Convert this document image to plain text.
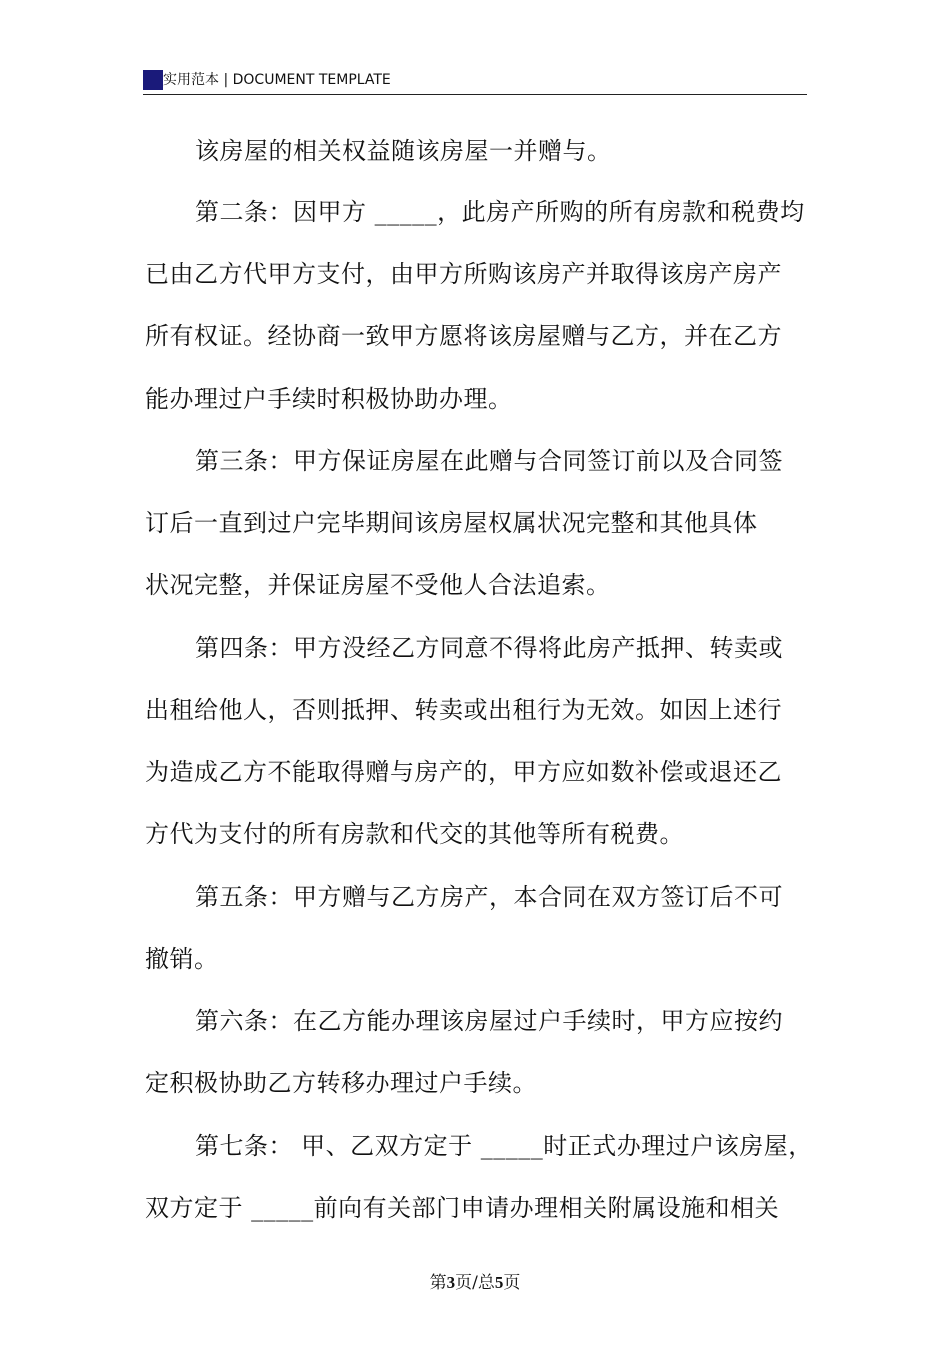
实用范本 | DOCUMENT TEMPLATE
该房屋的相关权益随该房屋一并赠与。
第二条：因甲方 _____，此房产所购的所有房款和税费均
已由乙方代甲方支付，由甲方所购该房产并取得该房产房产
所有权证。经协商一致甲方愿将该房屋赠与乙方，并在乙方
能办理过户手续时积极协助办理。
第三条：甲方保证房屋在此赠与合同签订前以及合同签
订后一直到过户完毕期间该房屋权属状况完整和其他具体
状况完整，并保证房屋不受他人合法追索。
第四条：甲方没经乙方同意不得将此房产抵押、转卖或
出租给他人，否则抵押、转卖或出租行为无效。如因上述行
为造成乙方不能取得赠与房产的，甲方应如数补偿或退还乙
方代为支付的所有房款和代交的其他等所有税费。
第五条：甲方赠与乙方房产，本合同在双方签订后不可
撤销。
第六条：在乙方能办理该房屋过户手续时，甲方应按约
定积极协助乙方转移办理过户手续。
第七条： 甲、乙双方定于 _____时正式办理过户该房屋，
双方定于 _____前向有关部门申请办理相关附属设施和相关
第3页/总5页
